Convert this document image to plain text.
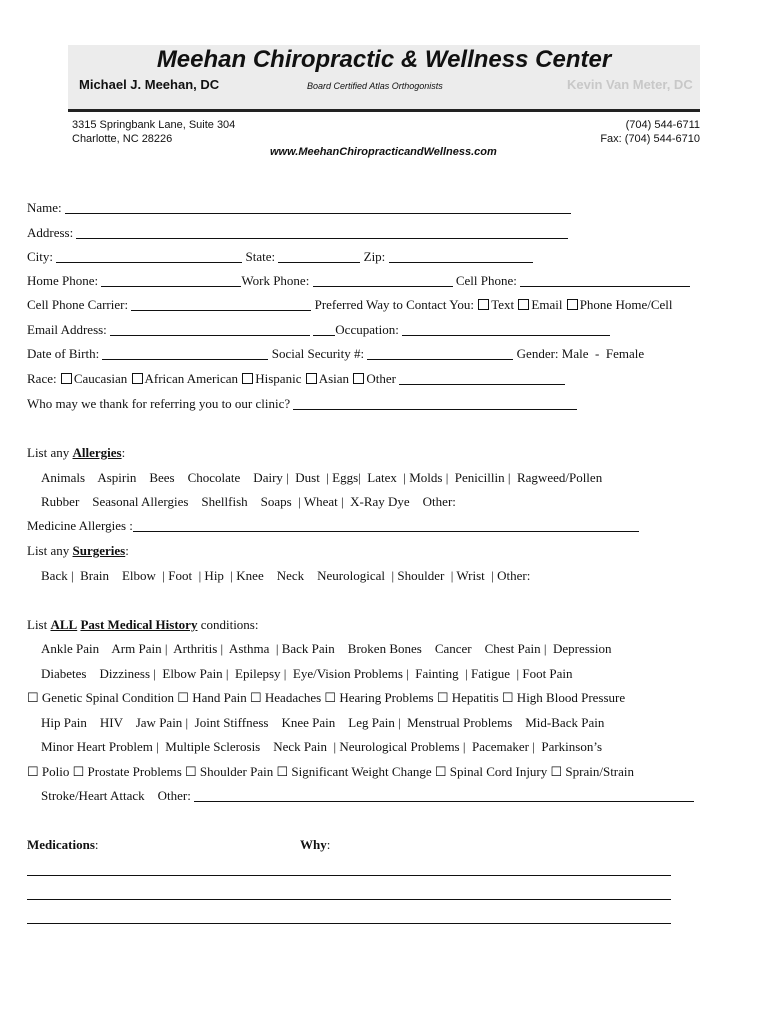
Meehan Chiropractic & Wellness Center
Michael J. Meehan, DC	Board Certified Atlas Orthogonists	Kevin Van Meter, DC
3315 Springbank Lane, Suite 304
Charlotte, NC 28226
(704) 544-6711
Fax: (704) 544-6710
www.MeehanChiropracticandWellness.com
Name:
Address:
City:	State:	Zip:
Home Phone:	Work Phone:	Cell Phone:
Cell Phone Carrier:	Preferred Way to Contact You: Text Email Phone Home/Cell
Email Address:	Occupation:
Date of Birth:	Social Security #:	Gender: Male - Female
Race: Caucasian African American Hispanic Asian Other
Who may we thank for referring you to our clinic?
List any Allergies:
Animals    Aspirin    Bees    Chocolate    Dairy |  Dust  | Eggs|  Latex  | Molds |  Penicillin |  Ragweed/Pollen
Rubber    Seasonal Allergies    Shellfish    Soaps  | Wheat |  X-Ray Dye    Other:
Medicine Allergies :
List any Surgeries:
Back |  Brain    Elbow  | Foot  | Hip  | Knee    Neck    Neurological  | Shoulder  | Wrist  | Other:
List ALL Past Medical History conditions:
Ankle Pain    Arm Pain |  Arthritis |  Asthma  | Back Pain    Broken Bones    Cancer    Chest Pain |  Depression
Diabetes    Dizziness |  Elbow Pain |  Epilepsy |  Eye/Vision Problems |  Fainting  | Fatigue  | Foot Pain
☐ Genetic Spinal Condition ☐ Hand Pain ☐ Headaches ☐ Hearing Problems ☐ Hepatitis ☐ High Blood Pressure
Hip Pain    HIV    Jaw Pain |  Joint Stiffness    Knee Pain    Leg Pain |  Menstrual Problems    Mid-Back Pain
Minor Heart Problem |  Multiple Sclerosis    Neck Pain  | Neurological Problems |  Pacemaker |  Parkinson’s
☐ Polio ☐ Prostate Problems ☐ Shoulder Pain ☐ Significant Weight Change ☐ Spinal Cord Injury ☐ Sprain/Strain
Stroke/Heart Attack    Other:
Medications:	Why:
